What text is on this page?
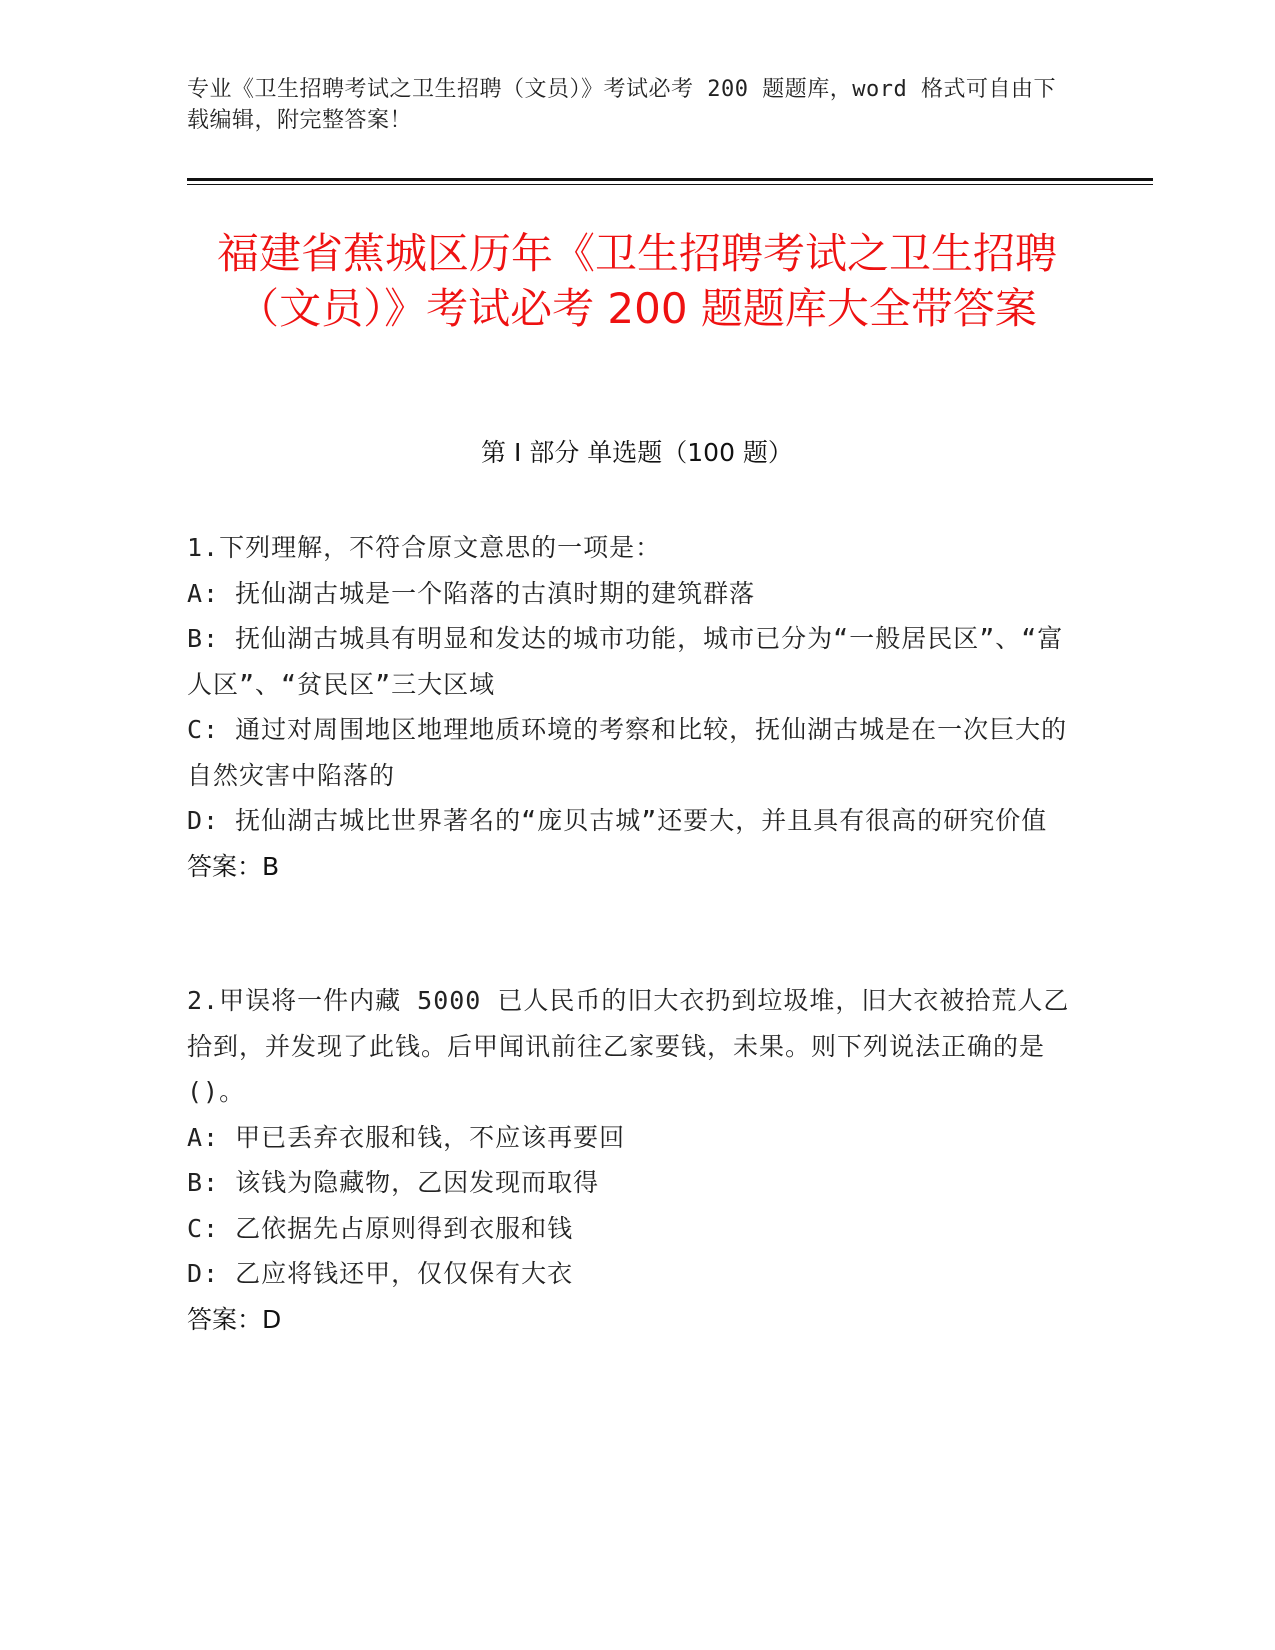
专业《卫生招聘考试之卫生招聘（文员）》考试必考 200 题题库，word 格式可自由下载编辑，附完整答案！
福建省蕉城区历年《卫生招聘考试之卫生招聘（文员）》考试必考 200 题题库大全带答案
第 I 部分 单选题（100 题）

1.下列理解，不符合原文意思的一项是：

A: 抚仙湖古城是一个陷落的古滇时期的建筑群落

B: 抚仙湖古城具有明显和发达的城市功能，城市已分为“一般居民区”、“富人区”、“贫民区”三大区域

C: 通过对周围地区地理地质环境的考察和比较，抚仙湖古城是在一次巨大的自然灾害中陷落的

D: 抚仙湖古城比世界著名的“庞贝古城”还要大，并且具有很高的研究价值

答案：B

2.甲误将一件内藏 5000 已人民币的旧大衣扔到垃圾堆，旧大衣被拾荒人乙拾到，并发现了此钱。后甲闻讯前往乙家要钱，未果。则下列说法正确的是()。

A: 甲已丢弃衣服和钱，不应该再要回

B: 该钱为隐藏物，乙因发现而取得

C: 乙依据先占原则得到衣服和钱

D: 乙应将钱还甲，仅仅保有大衣

答案：D
